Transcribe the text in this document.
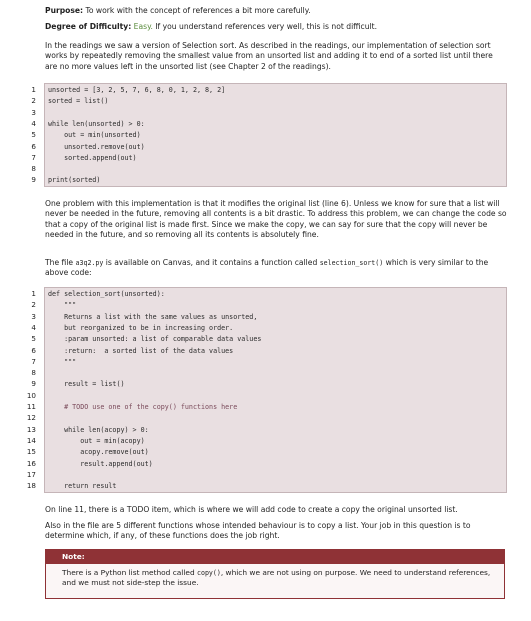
Purpose: To work with the concept of references a bit more carefully.

Degree of Difficulty: Easy. If you understand references very well, this is not difficult.

In the readings we saw a version of Selection sort. As described in the readings, our implementation of selection sort works by repeatedly removing the smallest value from an unsorted list and adding it to end of a sorted list until there are no more values left in the unsorted list (see Chapter 2 of the readings).

1
2
3
4
5
6
7
8
9
unsorted = [3, 2, 5, 7, 6, 8, 0, 1, 2, 8, 2]
sorted = list()
while len(unsorted) > 0:
out = min(unsorted)
unsorted.remove(out)
sorted.append(out)
print(sorted)

One problem with this implementation is that it modifies the original list (line 6). Unless we know for sure that a list will never be needed in the future, removing all contents is a bit drastic. To address this problem, we can change the code so that a copy of the original list is made first. Since we make the copy, we can say for sure that the copy will never be needed in the future, and so removing all its contents is absolutely fine.

The file a3q2.py is available on Canvas, and it contains a function called selection_sort() which is very similar to the above code:

1
2
3
4
5
6
7
8
9
10
11
12
13
14
15
16
17
18
def selection_sort(unsorted):
"""
Returns a list with the same values as unsorted,
but reorganized to be in increasing order.
:param unsorted: a list of comparable data values
:return:  a sorted list of the data values
"""
result = list()
# TODO use one of the copy() functions here
while len(acopy) > 0:
out = min(acopy)
acopy.remove(out)
result.append(out)
return result

On line 11, there is a TODO item, which is where we will add code to create a copy the original unsorted list.

Also in the file are 5 different functions whose intended behaviour is to copy a list. Your job in this question is to determine which, if any, of these functions does the job right.

Note:
There is a Python list method called copy(), which we are not using on purpose. We need to understand references, and we must not side-step the issue.
